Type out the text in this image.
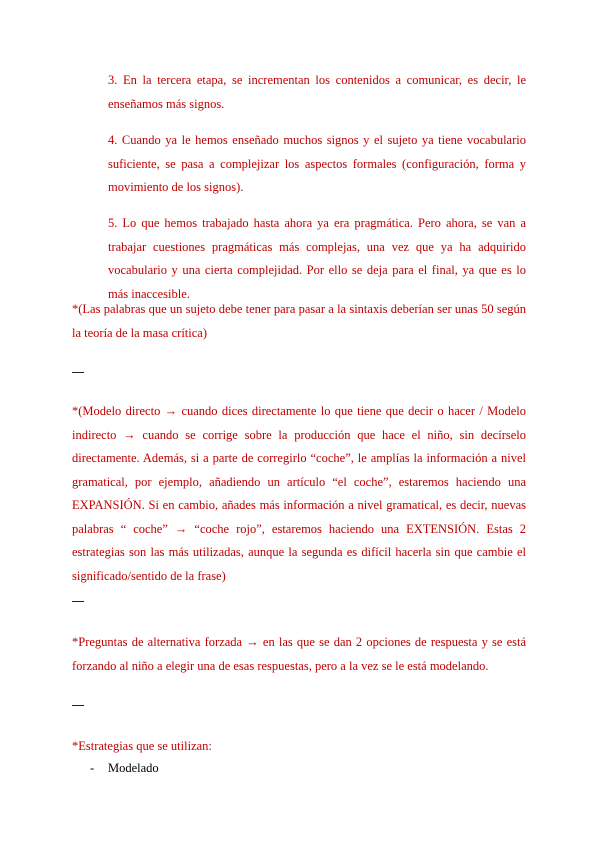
3. En la tercera etapa, se incrementan los contenidos a comunicar, es decir, le enseñamos más signos.

4. Cuando ya le hemos enseñado muchos signos y el sujeto ya tiene vocabulario suficiente, se pasa a complejizar los aspectos formales (configuración, forma y movimiento de los signos).

5. Lo que hemos trabajado hasta ahora ya era pragmática. Pero ahora, se van a trabajar cuestiones pragmáticas más complejas, una vez que ya ha adquirido vocabulario y una cierta complejidad. Por ello se deja para el final, ya que es lo más inaccesible.

*(Las palabras que un sujeto debe tener para pasar a la sintaxis deberían ser unas 50 según la teoría de la masa crítica)

*(Modelo directo → cuando dices directamente lo que tiene que decir o hacer / Modelo indirecto → cuando se corrige sobre la producción que hace el niño, sin decírselo directamente. Además, si a parte de corregirlo “coche”, le amplías la información a nivel gramatical, por ejemplo, añadiendo un artículo “el coche”, estaremos haciendo una EXPANSIÓN. Si en cambio, añades más información a nivel gramatical, es decir, nuevas palabras “ coche” → “coche rojo”, estaremos haciendo una EXTENSIÓN. Estas 2 estrategias son las más utilizadas, aunque la segunda es difícil hacerla sin que cambie el significado/sentido de la frase)

*Preguntas de alternativa forzada → en las que se dan 2 opciones de respuesta y se está forzando al niño a elegir una de esas respuestas, pero a la vez se le está modelando.

*Estrategias que se utilizan:

- Modelado
